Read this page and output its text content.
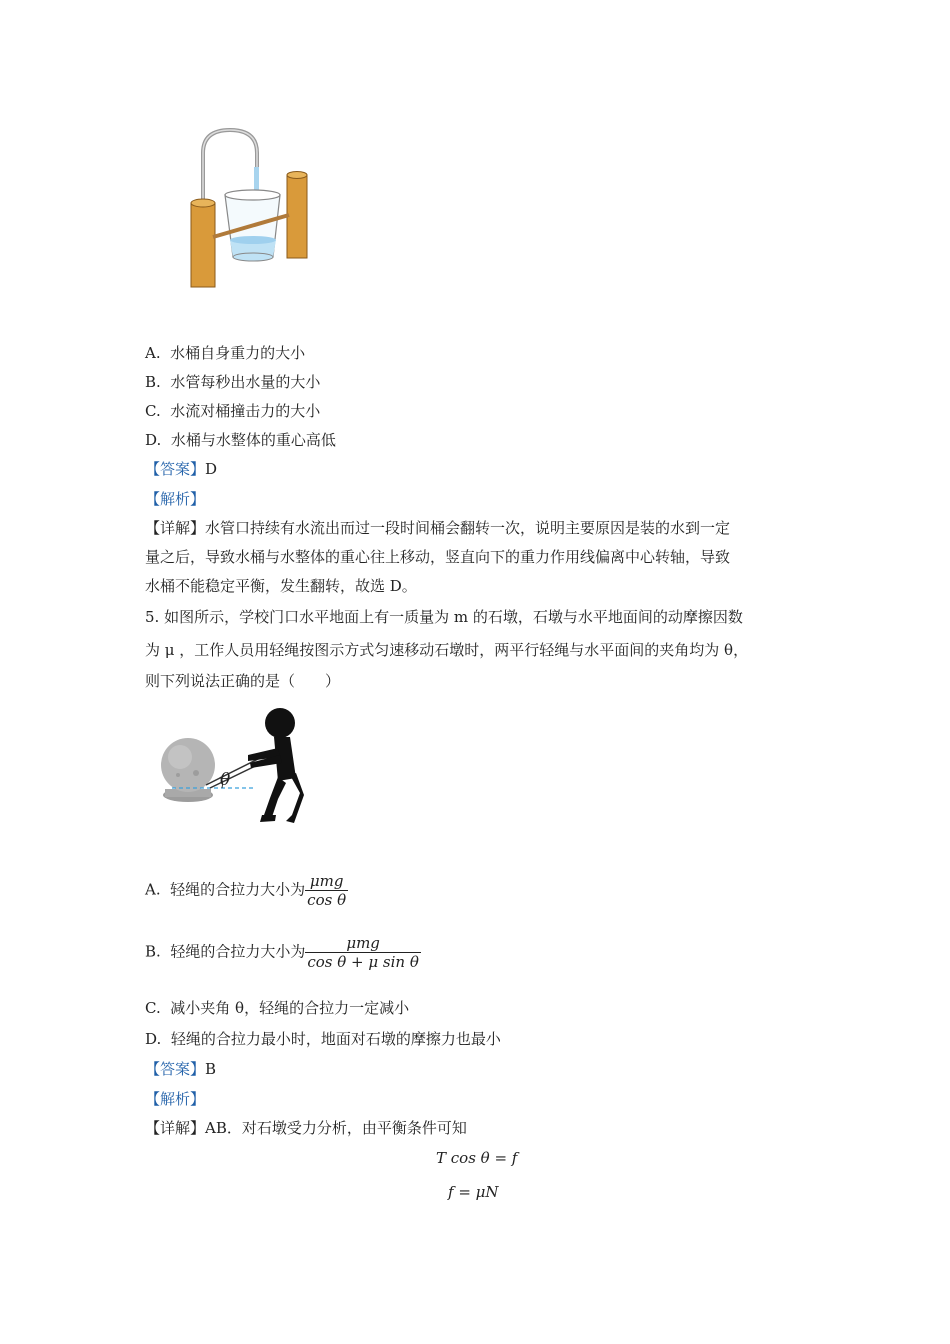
A. 水桶自身重力的大小
B. 水管每秒出水量的大小
C. 水流对桶撞击力的大小
D. 水桶与水整体的重心高低
【答案】D
【解析】
【详解】水管口持续有水流出而过一段时间桶会翻转一次，说明主要原因是装的水到一定
量之后，导致水桶与水整体的重心往上移动，竖直向下的重力作用线偏离中心转轴，导致
水桶不能稳定平衡，发生翻转，故选 D。
5. 如图所示，学校门口水平地面上有一质量为 m 的石墩，石墩与水平地面间的动摩擦因数
为 μ ，工作人员用轻绳按图示方式匀速移动石墩时，两平行轻绳与水平面间的夹角均为 θ，
则下列说法正确的是（　　）
θ
A. 轻绳的合拉力大小为 $\frac{\text{μmg}}{\text{cos θ}}$
B. 轻绳的合拉力大小为 $\frac{\text{μmg}}{\text{cos θ + μ sin θ}}$
C. 减小夹角 θ，轻绳的合拉力一定减小
D. 轻绳的合拉力最小时，地面对石墩的摩擦力也最小
【答案】B
【解析】
【详解】AB．对石墩受力分析，由平衡条件可知
T cos θ = f
f = μN
